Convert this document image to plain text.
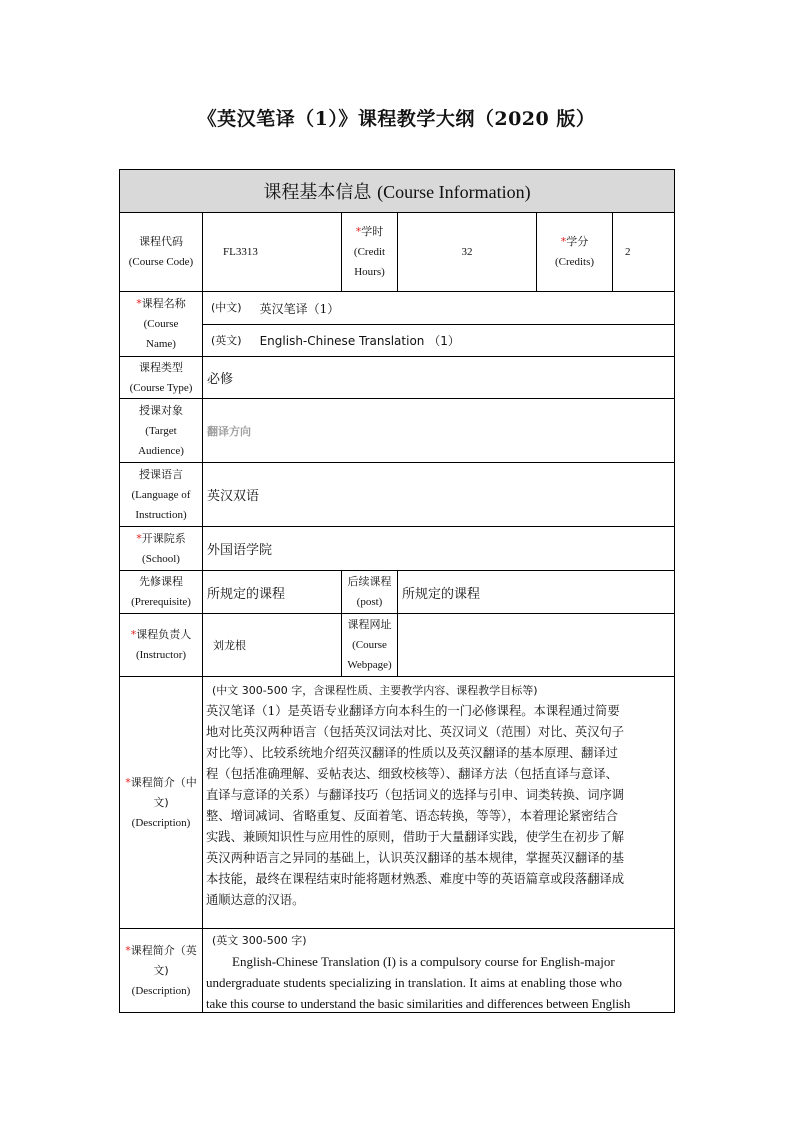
《英汉笔译（1）》课程教学大纲（2020 版）
课程基本信息 (Course Information)
课程代码
(Course Code)
FL3313
*学时
(Credit
Hours)
32
*学分
(Credits)
2
*课程名称
(Course
Name)
(中文) 英汉笔译（1）
(英文) English-Chinese Translation （1）
课程类型
(Course Type)
必修
授课对象
(Target
Audience)
翻译方向
授课语言
(Language of
Instruction)
英汉双语
*开课院系
(School)
外国语学院
先修课程
(Prerequisite)
所规定的课程
后续课程
(post)
所规定的课程
*课程负责人
(Instructor)
刘龙根
课程网址
(Course
Webpage)
*课程简介（中
文)
(Description)
(中文 300-500 字，含课程性质、主要教学内容、课程教学目标等)
英汉笔译（1）是英语专业翻译方向本科生的一门必修课程。本课程通过简要
地对比英汉两种语言（包括英汉词法对比、英汉词义（范围）对比、英汉句子
对比等）、比较系统地介绍英汉翻译的性质以及英汉翻译的基本原理、翻译过
程（包括准确理解、妥帖表达、细致校核等）、翻译方法（包括直译与意译、
直译与意译的关系）与翻译技巧（包括词义的选择与引申、词类转换、词序调
整、增词减词、省略重复、反面着笔、语态转换，等等），本着理论紧密结合
实践、兼顾知识性与应用性的原则，借助于大量翻译实践，使学生在初步了解
英汉两种语言之异同的基础上，认识英汉翻译的基本规律，掌握英汉翻译的基
本技能，最终在课程结束时能将题材熟悉、难度中等的英语篇章或段落翻译成
通顺达意的汉语。
*课程简介（英
文)
(Description)
(英文 300-500 字)
English-Chinese Translation (I) is a compulsory course for English-major
undergraduate students specializing in translation. It aims at enabling those who
take this course to understand the basic similarities and differences between English
